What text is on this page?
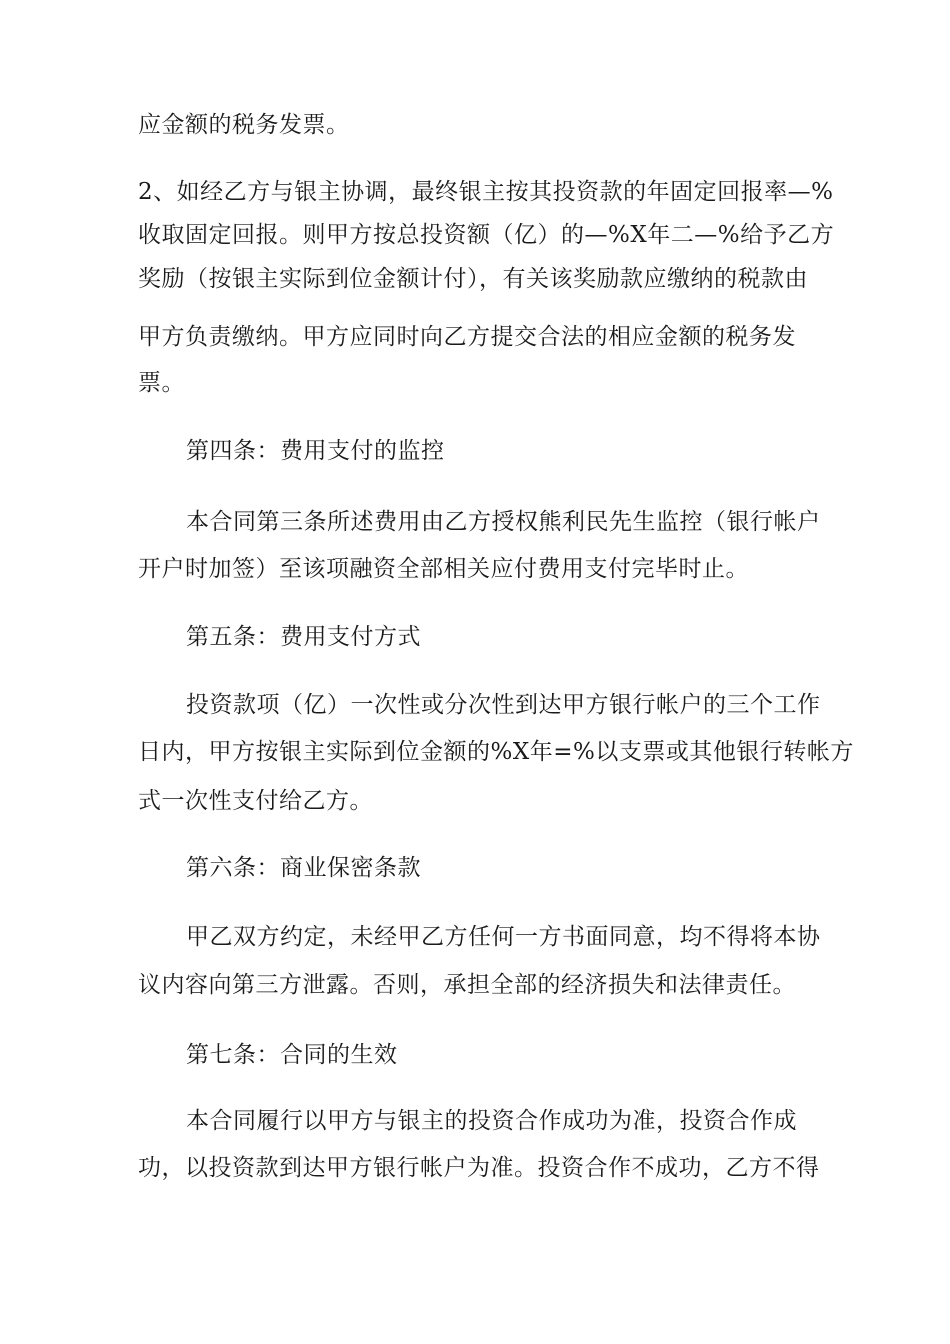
应金额的税务发票。
2、如经乙方与银主协调，最终银主按其投资款的年固定回报率—%
收取固定回报。则甲方按总投资额（亿）的—%X年二—%给予乙方
奖励（按银主实际到位金额计付），有关该奖励款应缴纳的税款由
甲方负责缴纳。甲方应同时向乙方提交合法的相应金额的税务发
票。
第四条：费用支付的监控
本合同第三条所述费用由乙方授权熊利民先生监控（银行帐户
开户时加签）至该项融资全部相关应付费用支付完毕时止。
第五条：费用支付方式
投资款项（亿）一次性或分次性到达甲方银行帐户的三个工作
日内，甲方按银主实际到位金额的%X年=%以支票或其他银行转帐方
式一次性支付给乙方。
第六条：商业保密条款
甲乙双方约定，未经甲乙方任何一方书面同意，均不得将本协
议内容向第三方泄露。否则，承担全部的经济损失和法律责任。
第七条：合同的生效
本合同履行以甲方与银主的投资合作成功为准，投资合作成
功，以投资款到达甲方银行帐户为准。投资合作不成功，乙方不得
